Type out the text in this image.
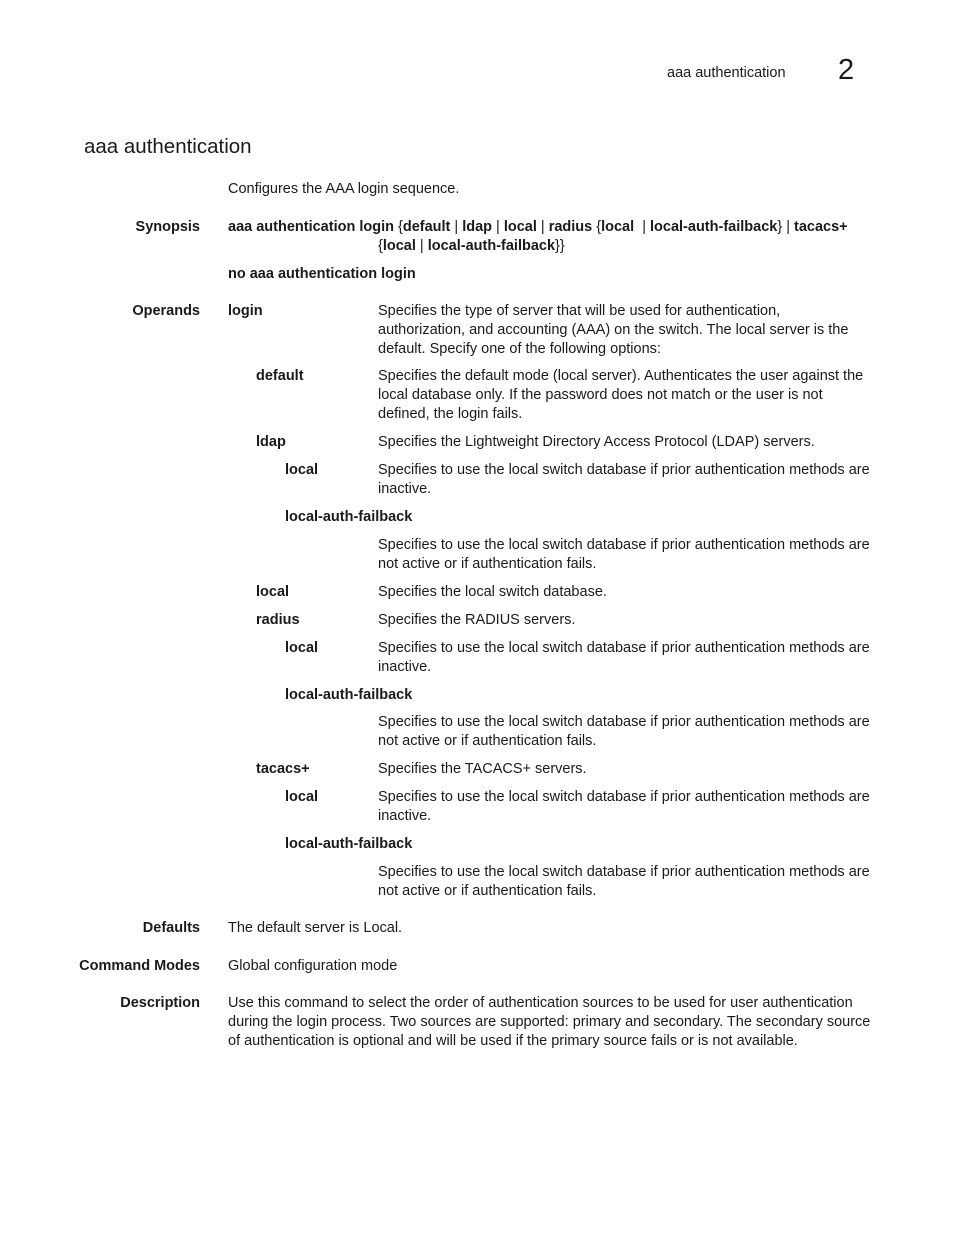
aaa authentication 2
aaa authentication
Configures the AAA login sequence.
Synopsis aaa authentication login {default | ldap | local | radius {local  | local-auth-failback} | tacacs+
{local | local-auth-failback}}
no aaa authentication login
Operands login	Specifies the type of server that will be used for authentication, authorization, and accounting (AAA) on the switch. The local server is the default. Specify one of the following options:
default	Specifies the default mode (local server). Authenticates the user against the local database only. If the password does not match or the user is not defined, the login fails.
ldap	Specifies the Lightweight Directory Access Protocol (LDAP) servers.
local	Specifies to use the local switch database if prior authentication methods are inactive.
local-auth-failback
Specifies to use the local switch database if prior authentication methods are not active or if authentication fails.
local	Specifies the local switch database.
radius	Specifies the RADIUS servers.
local	Specifies to use the local switch database if prior authentication methods are inactive.
local-auth-failback
Specifies to use the local switch database if prior authentication methods are not active or if authentication fails.
tacacs+	Specifies the TACACS+ servers.
local	Specifies to use the local switch database if prior authentication methods are inactive.
local-auth-failback
Specifies to use the local switch database if prior authentication methods are not active or if authentication fails.
Defaults The default server is Local.
Command Modes Global configuration mode
Description Use this command to select the order of authentication sources to be used for user authentication during the login process. Two sources are supported: primary and secondary. The secondary source of authentication is optional and will be used if the primary source fails or is not available.
